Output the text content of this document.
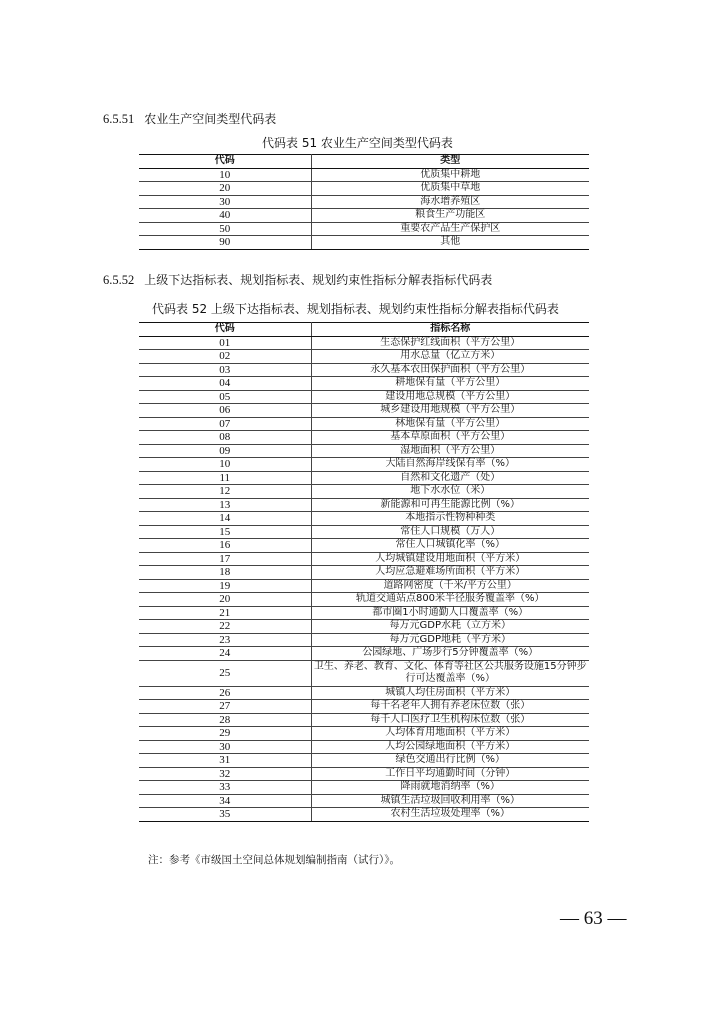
6.5.51 农业生产空间类型代码表
代码表 51 农业生产空间类型代码表
代码	类型
10	优质集中耕地
20	优质集中草地
30	海水增养殖区
40	粮食生产功能区
50	重要农产品生产保护区
90	其他
6.5.52 上级下达指标表、规划指标表、规划约束性指标分解表指标代码表
代码表 52 上级下达指标表、规划指标表、规划约束性指标分解表指标代码表
代码	指标名称
01	生态保护红线面积（平方公里）
02	用水总量（亿立方米）
03	永久基本农田保护面积（平方公里）
04	耕地保有量（平方公里）
05	建设用地总规模（平方公里）
06	城乡建设用地规模（平方公里）
07	林地保有量（平方公里）
08	基本草原面积（平方公里）
09	湿地面积（平方公里）
10	大陆自然海岸线保有率（%）
11	自然和文化遗产（处）
12	地下水水位（米）
13	新能源和可再生能源比例（%）
14	本地指示性物种种类
15	常住人口规模（万人）
16	常住人口城镇化率（%）
17	人均城镇建设用地面积（平方米）
18	人均应急避难场所面积（平方米）
19	道路网密度（千米/平方公里）
20	轨道交通站点800米半径服务覆盖率（%）
21	都市圈1小时通勤人口覆盖率（%）
22	每万元GDP水耗（立方米）
23	每万元GDP地耗（平方米）
24	公园绿地、广场步行5分钟覆盖率（%）
25	卫生、养老、教育、文化、体育等社区公共服务设施15分钟步行可达覆盖率（%）
26	城镇人均住房面积（平方米）
27	每千名老年人拥有养老床位数（张）
28	每千人口医疗卫生机构床位数（张）
29	人均体育用地面积（平方米）
30	人均公园绿地面积（平方米）
31	绿色交通出行比例（%）
32	工作日平均通勤时间（分钟）
33	降雨就地消纳率（%）
34	城镇生活垃圾回收利用率（%）
35	农村生活垃圾处理率（%）
注：参考《市级国土空间总体规划编制指南（试行）》。
— 63 —
